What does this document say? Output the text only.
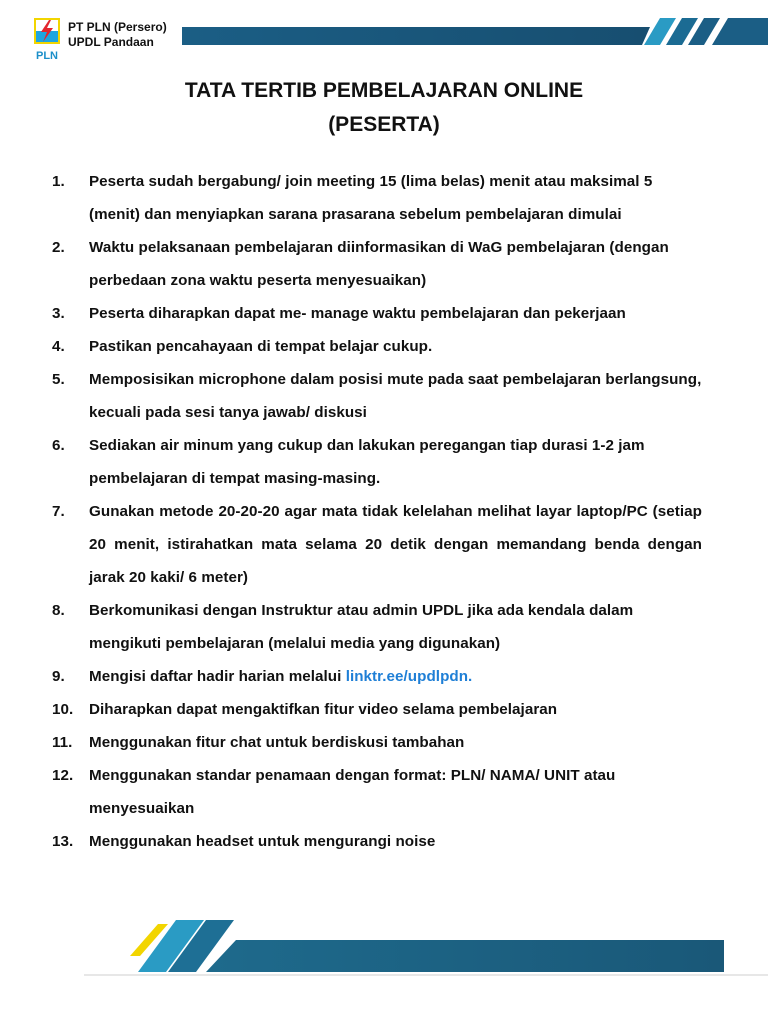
PLN
PT PLN (Persero)
UPDL Pandaan
TATA TERTIB PEMBELAJARAN ONLINE
(PESERTA)
1.	Peserta sudah bergabung/ join meeting 15 (lima belas) menit atau maksimal 5 (menit) dan menyiapkan sarana prasarana sebelum pembelajaran dimulai
2.	Waktu pelaksanaan pembelajaran diinformasikan di WaG pembelajaran (dengan perbedaan zona waktu peserta menyesuaikan)
3.	Peserta diharapkan dapat me- manage waktu pembelajaran dan pekerjaan
4.	Pastikan pencahayaan di tempat belajar cukup.
5.	Memposisikan microphone dalam posisi mute pada saat pembelajaran berlangsung, kecuali pada sesi tanya jawab/ diskusi
6.	Sediakan air minum yang cukup dan lakukan peregangan tiap durasi 1-2 jam pembelajaran di tempat masing-masing.
7.	Gunakan metode 20-20-20 agar mata tidak kelelahan melihat layar laptop/PC (setiap 20 menit, istirahatkan mata selama 20 detik dengan memandang benda dengan jarak 20 kaki/ 6 meter)
8.	Berkomunikasi dengan Instruktur atau admin UPDL jika ada kendala dalam mengikuti pembelajaran (melalui media yang digunakan)
9.	Mengisi daftar hadir harian melalui linktr.ee/updlpdn.
10.	Diharapkan dapat mengaktifkan fitur video selama pembelajaran
11.	Menggunakan fitur chat untuk berdiskusi tambahan
12.	Menggunakan standar penamaan dengan format: PLN/ NAMA/ UNIT atau menyesuaikan
13.	Menggunakan headset untuk mengurangi noise
